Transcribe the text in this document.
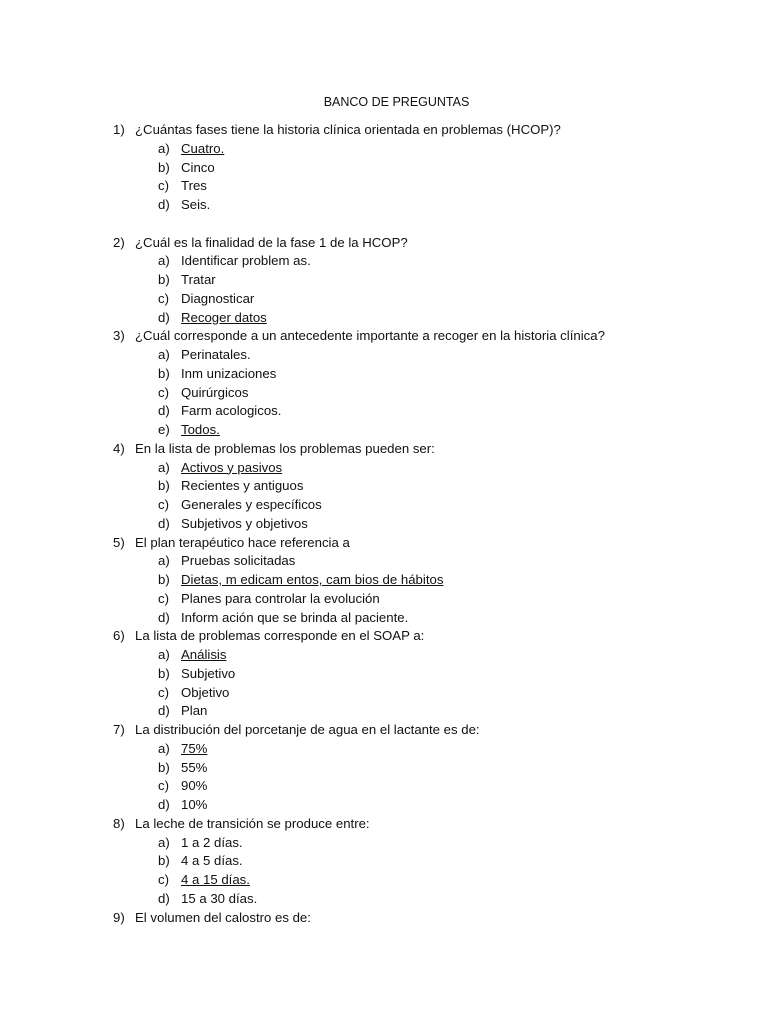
BANCO DE PREGUNTAS
1) ¿Cuántas fases tiene la historia clínica orientada en problemas (HCOP)?
a) Cuatro.
b) Cinco
c) Tres
d) Seis.
2) ¿Cuál es la finalidad de la fase 1 de la HCOP?
a) Identificar problem as.
b) Tratar
c) Diagnosticar
d) Recoger datos
3) ¿Cuál corresponde a un antecedente importante a recoger en la historia clínica?
a) Perinatales.
b) Inm unizaciones
c) Quirúrgicos
d) Farm acologicos.
e) Todos.
4) En la lista de problemas los problemas pueden ser:
a) Activos y pasivos
b) Recientes y antiguos
c) Generales y específicos
d) Subjetivos y objetivos
5) El plan terapéutico hace referencia a
a) Pruebas solicitadas
b) Dietas, m edicam entos, cam bios de hábitos
c) Planes para controlar la evolución
d) Inform ación que se brinda al paciente.
6) La lista de problemas corresponde en el SOAP a:
a) Análisis
b) Subjetivo
c) Objetivo
d) Plan
7) La distribución del porcetanje de agua en el lactante es de:
a) 75%
b) 55%
c) 90%
d) 10%
8) La leche de transición se produce entre:
a) 1 a 2 días.
b) 4 a 5 días.
c) 4 a 15 días.
d) 15 a 30 días.
9) El volumen del calostro es de:
